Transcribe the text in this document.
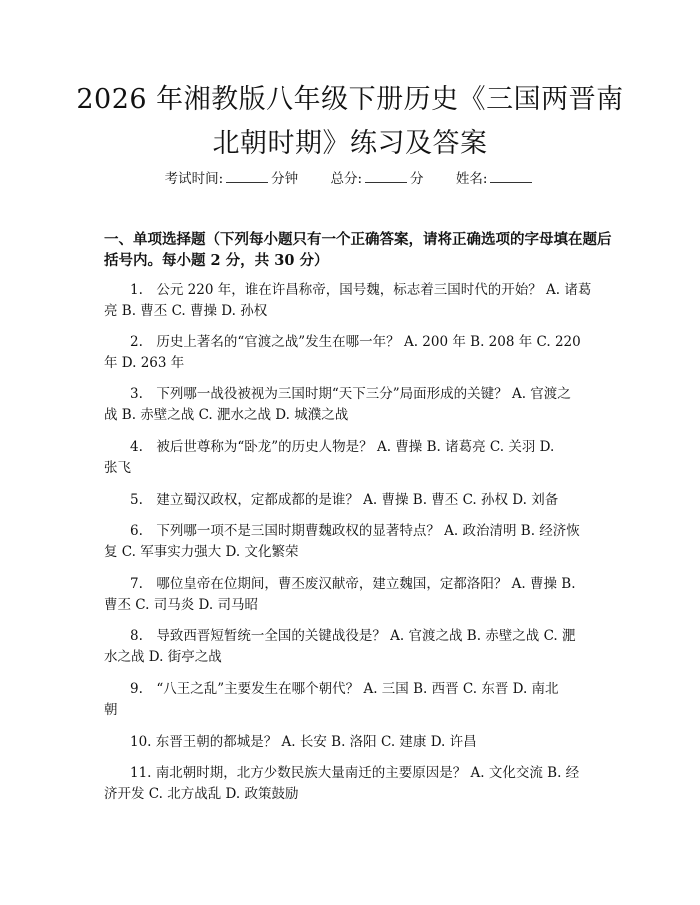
2026 年湘教版八年级下册历史《三国两晋南
北朝时期》练习及答案
考试时间:	分钟 总分:	分 姓名:
一、单项选择题（下列每小题只有一个正确答案，请将正确选项的字母填在题后
括号内。每小题 2 分，共 30 分）
1.　公元 220 年，谁在许昌称帝，国号魏，标志着三国时代的开始？ A. 诸葛
亮 B. 曹丕 C. 曹操 D. 孙权
2.　历史上著名的“官渡之战”发生在哪一年？ A. 200 年 B. 208 年 C. 220
年 D. 263 年
3.　下列哪一战役被视为三国时期“天下三分”局面形成的关键？ A. 官渡之
战 B. 赤壁之战 C. 淝水之战 D. 城濮之战
4.　被后世尊称为“卧龙”的历史人物是？ A. 曹操 B. 诸葛亮 C. 关羽 D.
张飞
5.　建立蜀汉政权，定都成都的是谁？ A. 曹操 B. 曹丕 C. 孙权 D. 刘备
6.　下列哪一项不是三国时期曹魏政权的显著特点？ A. 政治清明 B. 经济恢
复 C. 军事实力强大 D. 文化繁荣
7.　哪位皇帝在位期间，曹丕废汉献帝，建立魏国，定都洛阳？ A. 曹操 B.
曹丕 C. 司马炎 D. 司马昭
8.　导致西晋短暂统一全国的关键战役是？ A. 官渡之战 B. 赤壁之战 C. 淝
水之战 D. 街亭之战
9.　“八王之乱”主要发生在哪个朝代？ A. 三国 B. 西晋 C. 东晋 D. 南北
朝
10. 东晋王朝的都城是？ A. 长安 B. 洛阳 C. 建康 D. 许昌
11. 南北朝时期，北方少数民族大量南迁的主要原因是？ A. 文化交流 B. 经
济开发 C. 北方战乱 D. 政策鼓励
